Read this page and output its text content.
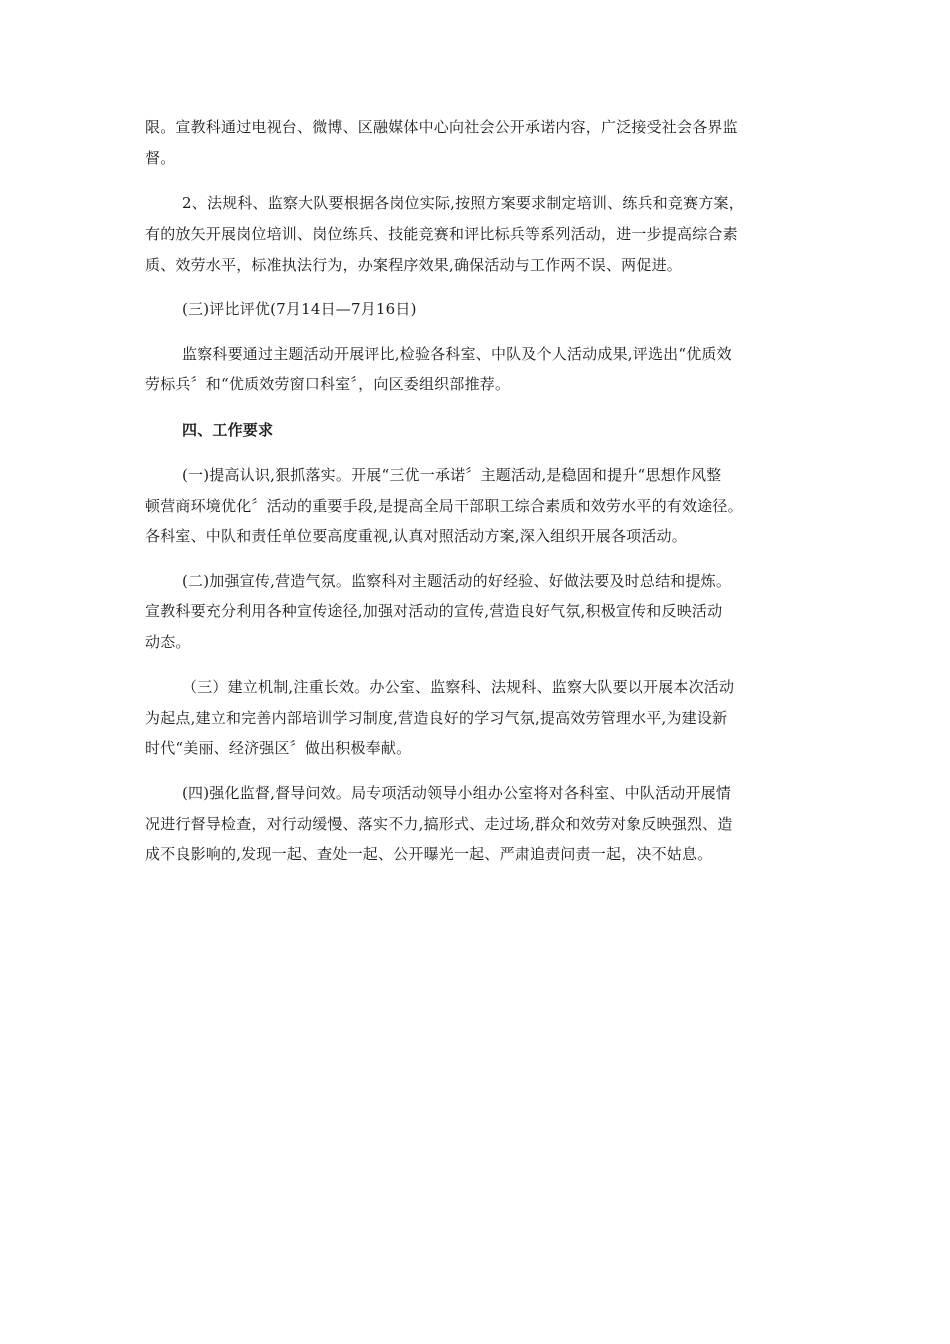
限。宣教科通过电视台、微博、区融媒体中心向社会公开承诺内容，广泛接受社会各界监
督。
2、法规科、监察大队要根据各岗位实际,按照方案要求制定培训、练兵和竞赛方案，
有的放矢开展岗位培训、岗位练兵、技能竞赛和评比标兵等系列活动，进一步提高综合素
质、效劳水平，标准执法行为，办案程序效果,确保活动与工作两不误、两促进。
(三)评比评优(7月14日—7月16日)
监察科要通过主题活动开展评比,检验各科室、中队及个人活动成果,评选出“优质效
劳标兵〞和“优质效劳窗口科室〞，向区委组织部推荐。
四、工作要求
(一)提高认识,狠抓落实。开展“三优一承诺〞主题活动,是稳固和提升“思想作风整
顿营商环境优化〞活动的重要手段,是提高全局干部职工综合素质和效劳水平的有效途径。
各科室、中队和责任单位要高度重视,认真对照活动方案,深入组织开展各项活动。
(二)加强宣传,营造气氛。监察科对主题活动的好经验、好做法要及时总结和提炼。
宣教科要充分利用各种宣传途径,加强对活动的宣传,营造良好气氛,积极宣传和反映活动
动态。
（三）建立机制,注重长效。办公室、监察科、法规科、监察大队要以开展本次活动
为起点,建立和完善内部培训学习制度,营造良好的学习气氛,提高效劳管理水平,为建设新
时代“美丽、经济强区〞做出积极奉献。
(四)强化监督,督导问效。局专项活动领导小组办公室将对各科室、中队活动开展情
况进行督导检查，对行动缓慢、落实不力,搞形式、走过场,群众和效劳对象反映强烈、造
成不良影响的,发现一起、查处一起、公开曝光一起、严肃追责问责一起，决不姑息。
